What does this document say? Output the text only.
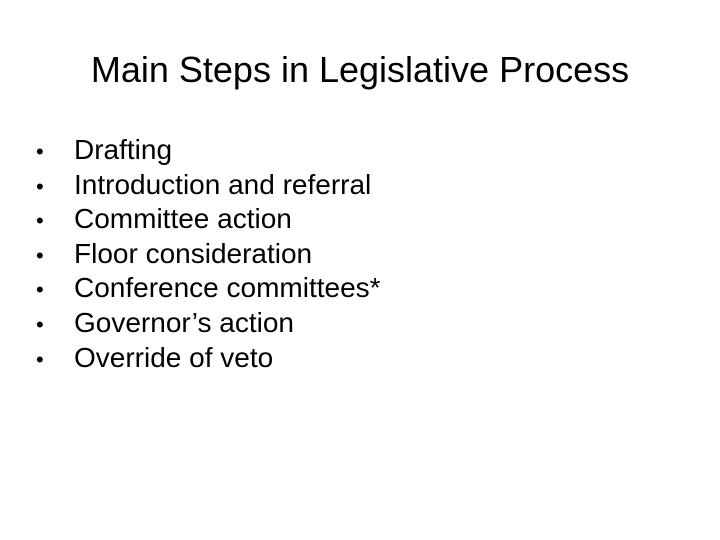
Main Steps in Legislative Process
•	Drafting
•	Introduction and referral
•	Committee action
•	Floor consideration
•	Conference committees*
•	Governor’s action
•	Override of veto
